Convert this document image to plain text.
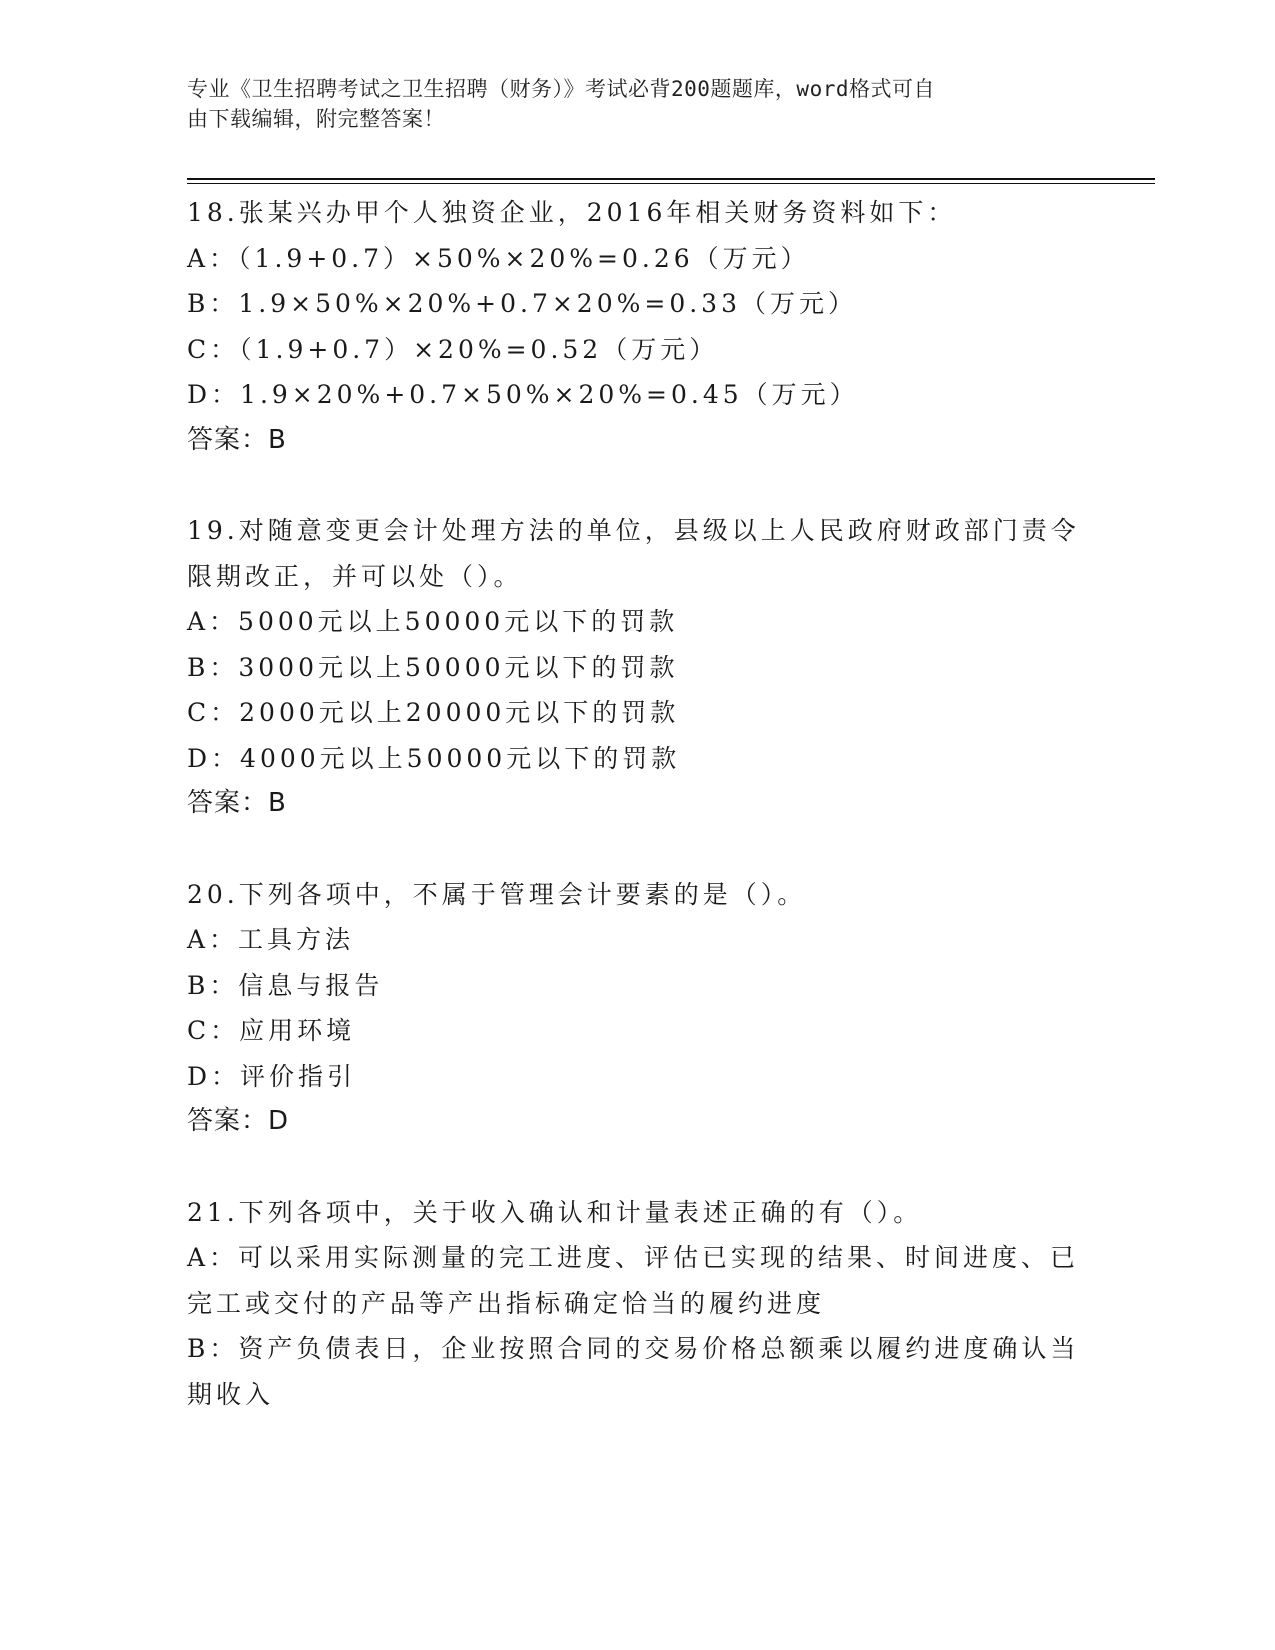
专业《卫生招聘考试之卫生招聘（财务）》考试必背200题题库，word格式可自
由下载编辑，附完整答案！
18.张某兴办甲个人独资企业，2016年相关财务资料如下：
A：（1.9+0.7）×50%×20%=0.26（万元）
B：1.9×50%×20%+0.7×20%=0.33（万元）
C：（1.9+0.7）×20%=0.52（万元）
D：1.9×20%+0.7×50%×20%=0.45（万元）
答案：B
19.对随意变更会计处理方法的单位，县级以上人民政府财政部门责令
限期改正，并可以处（）。
A：5000元以上50000元以下的罚款
B：3000元以上50000元以下的罚款
C：2000元以上20000元以下的罚款
D：4000元以上50000元以下的罚款
答案：B
20.下列各项中，不属于管理会计要素的是（）。
A：工具方法
B：信息与报告
C：应用环境
D：评价指引
答案：D
21.下列各项中，关于收入确认和计量表述正确的有（）。
A：可以采用实际测量的完工进度、评估已实现的结果、时间进度、已
完工或交付的产品等产出指标确定恰当的履约进度
B：资产负债表日，企业按照合同的交易价格总额乘以履约进度确认当
期收入
